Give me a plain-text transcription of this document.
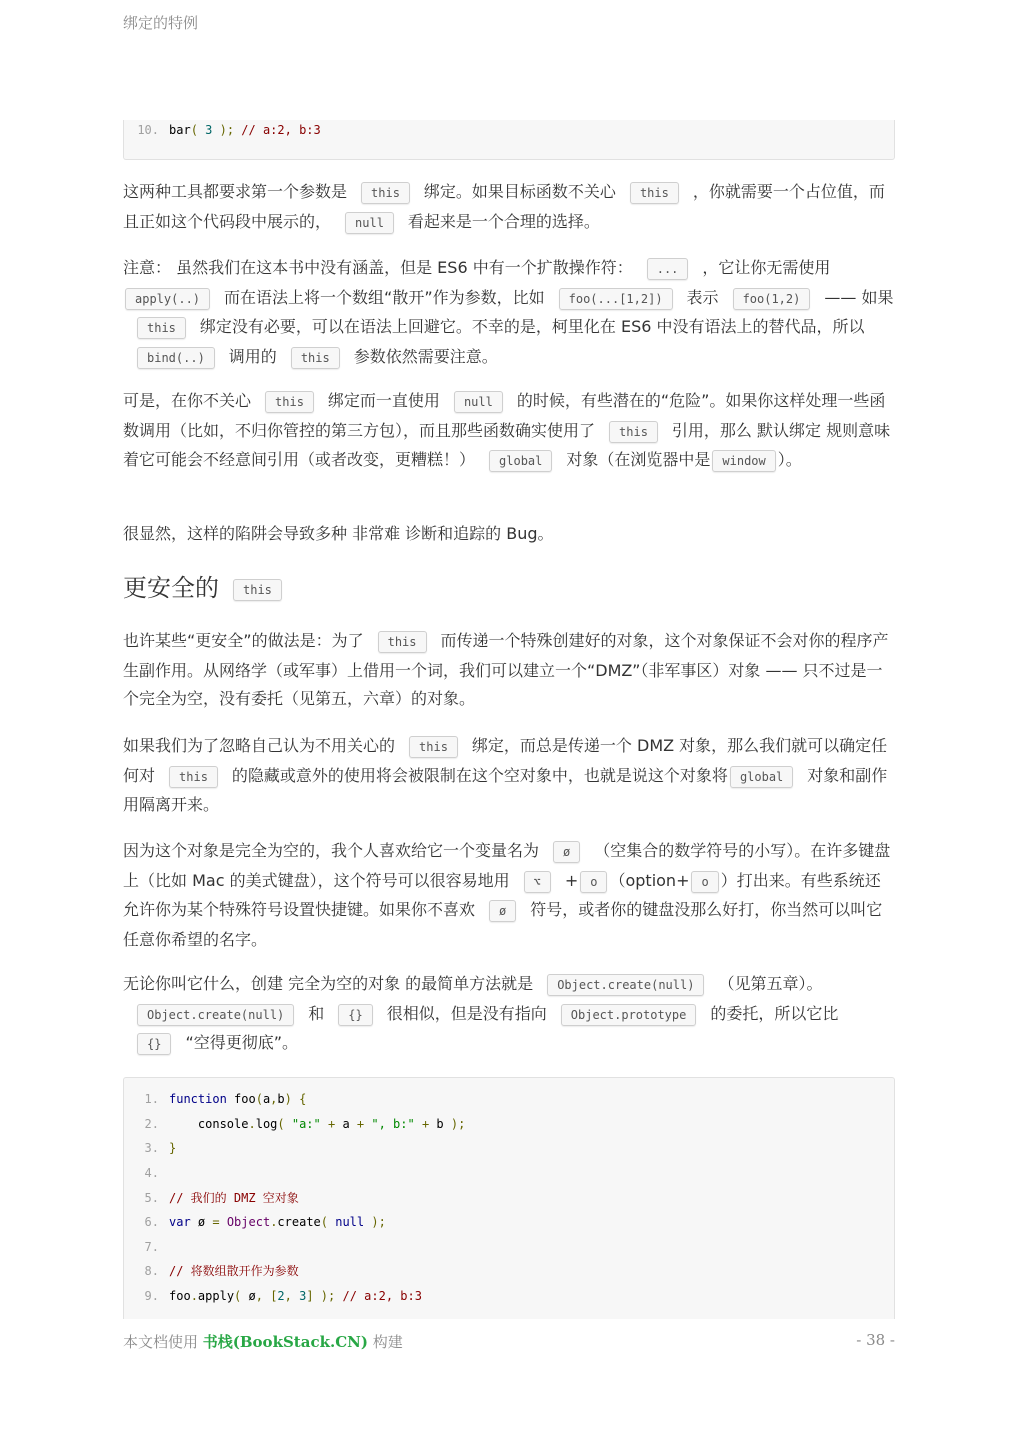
绑定的特例
10. bar( 3 ); // a:2, b:3

这两种工具都要求第一个参数是 this 绑定。如果目标函数不关心 this ，你就需要一个占位值，而且正如这个代码段中展示的， null 看起来是一个合理的选择。

注意： 虽然我们在这本书中没有涵盖，但是 ES6 中有一个扩散操作符： ... ，它让你无需使用apply(..) 而在语法上将一个数组“散开”作为参数，比如 foo(...[1,2]) 表示 foo(1,2) —— 如果this 绑定没有必要，可以在语法上回避它。不幸的是，柯里化在 ES6 中没有语法上的替代品，所以bind(..) 调用的 this 参数依然需要注意。

可是，在你不关心 this 绑定而一直使用 null 的时候，有些潜在的“危险”。如果你这样处理一些函数调用（比如，不归你管控的第三方包），而且那些函数确实使用了 this 引用，那么 默认绑定 规则意味着它可能会不经意间引用（或者改变，更糟糕！） global 对象（在浏览器中是 window ）。

很显然，这样的陷阱会导致多种 非常难 诊断和追踪的 Bug。

更安全的 this

也许某些“更安全”的做法是：为了 this 而传递一个特殊创建好的对象，这个对象保证不会对你的程序产生副作用。从网络学（或军事）上借用一个词，我们可以建立一个“DMZ”（非军事区）对象 —— 只不过是一个完全为空，没有委托（见第五，六章）的对象。

如果我们为了忽略自己认为不用关心的 this 绑定，而总是传递一个 DMZ 对象，那么我们就可以确定任何对 this 的隐藏或意外的使用将会被限制在这个空对象中，也就是说这个对象将 global 对象和副作用隔离开来。

因为这个对象是完全为空的，我个人喜欢给它一个变量名为 ø （空集合的数学符号的小写）。在许多键盘上（比如 Mac 的美式键盘），这个符号可以很容易地用 ⌥ + o （option+ o ）打出来。有些系统还允许你为某个特殊符号设置快捷键。如果你不喜欢 ø 符号，或者你的键盘没那么好打，你当然可以叫它任意你希望的名字。

无论你叫它什么，创建 完全为空的对象 的最简单方法就是 Object.create(null) （见第五章）。Object.create(null) 和 {} 很相似，但是没有指向 Object.prototype 的委托，所以它比{} “空得更彻底”。

1. function foo(a,b) {
2.	console.log( "a:" + a + ", b:" + b );
3. }
4.
5. // 我们的 DMZ 空对象
6. var ø = Object.create( null );
7.
8. // 将数组散开作为参数
9. foo.apply( ø, [2, 3] ); // a:2, b:3
本文档使用 书栈(BookStack.CN) 构建	- 38 -
